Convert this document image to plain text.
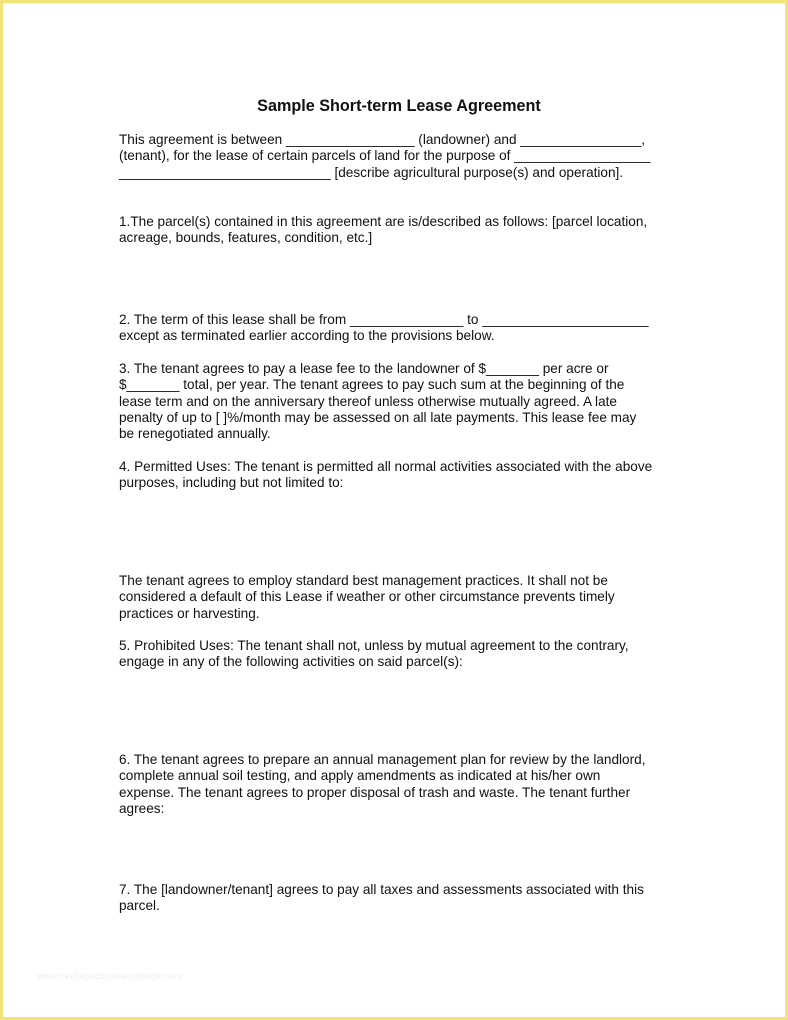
Sample Short-term Lease Agreement

This agreement is between _________________ (landowner) and ________________,
(tenant), for the lease of certain parcels of land for the purpose of __________________
____________________________ [describe agricultural purpose(s) and operation].

1.The parcel(s) contained in this agreement are is/described as follows: [parcel location,
acreage, bounds, features, condition, etc.]

2. The term of this lease shall be from _______________ to ______________________
except as terminated earlier according to the provisions below.

3. The tenant agrees to pay a lease fee to the landowner of $_______ per acre or
$_______ total, per year. The tenant agrees to pay such sum at the beginning of the
lease term and on the anniversary thereof unless otherwise mutually agreed. A late
penalty of up to [ ]%/month may be assessed on all late payments. This lease fee may
be renegotiated annually.

4. Permitted Uses: The tenant is permitted all normal activities associated with the above
purposes, including but not limited to:

The tenant agrees to employ standard best management practices. It shall not be
considered a default of this Lease if weather or other circumstance prevents timely
practices or harvesting.

5. Prohibited Uses: The tenant shall not, unless by mutual agreement to the contrary,
engage in any of the following activities on said parcel(s):

6. The tenant agrees to prepare an annual management plan for review by the landlord,
complete annual soil testing, and apply amendments as indicated at his/her own
expense. The tenant agrees to proper disposal of trash and waste. The tenant further
agrees:

7. The [landowner/tenant] agrees to pay all taxes and assessments associated with this
parcel.

www.heritagechristiancollege.com
